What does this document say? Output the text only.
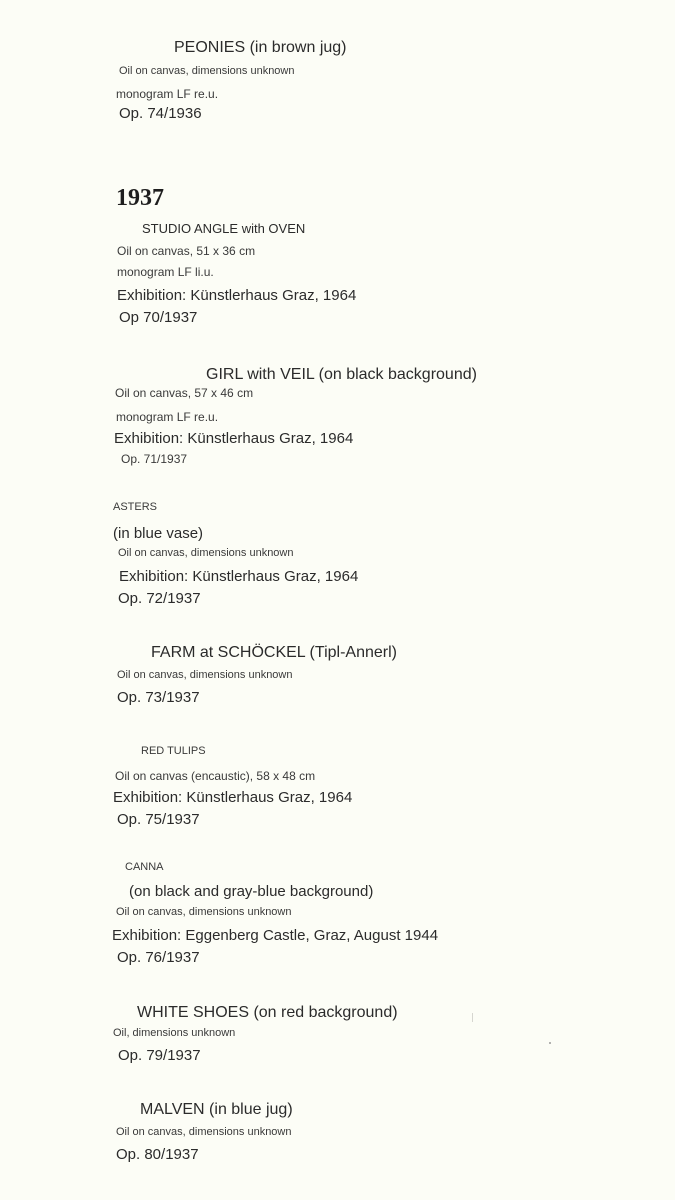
PEONIES (in brown jug)
Oil on canvas, dimensions unknown
monogram LF re.u.
Op. 74/1936
1937
STUDIO ANGLE with OVEN
Oil on canvas, 51 x 36 cm
monogram LF li.u.
Exhibition: Künstlerhaus Graz, 1964
Op 70/1937
GIRL with VEIL (on black background)
Oil on canvas, 57 x 46 cm
monogram LF re.u.
Exhibition: Künstlerhaus Graz, 1964
Op. 71/1937
ASTERS
(in blue vase)
Oil on canvas, dimensions unknown
Exhibition: Künstlerhaus Graz, 1964
Op. 72/1937
FARM at SCHÖCKEL (Tipl-Annerl)
Oil on canvas, dimensions unknown
Op. 73/1937
RED TULIPS
Oil on canvas (encaustic), 58 x 48 cm
Exhibition: Künstlerhaus Graz, 1964
Op. 75/1937
CANNA
(on black and gray-blue background)
Oil on canvas, dimensions unknown
Exhibition: Eggenberg Castle, Graz, August 1944
Op. 76/1937
WHITE SHOES (on red background)
Oil, dimensions unknown
Op. 79/1937
MALVEN (in blue jug)
Oil on canvas, dimensions unknown
Op. 80/1937
